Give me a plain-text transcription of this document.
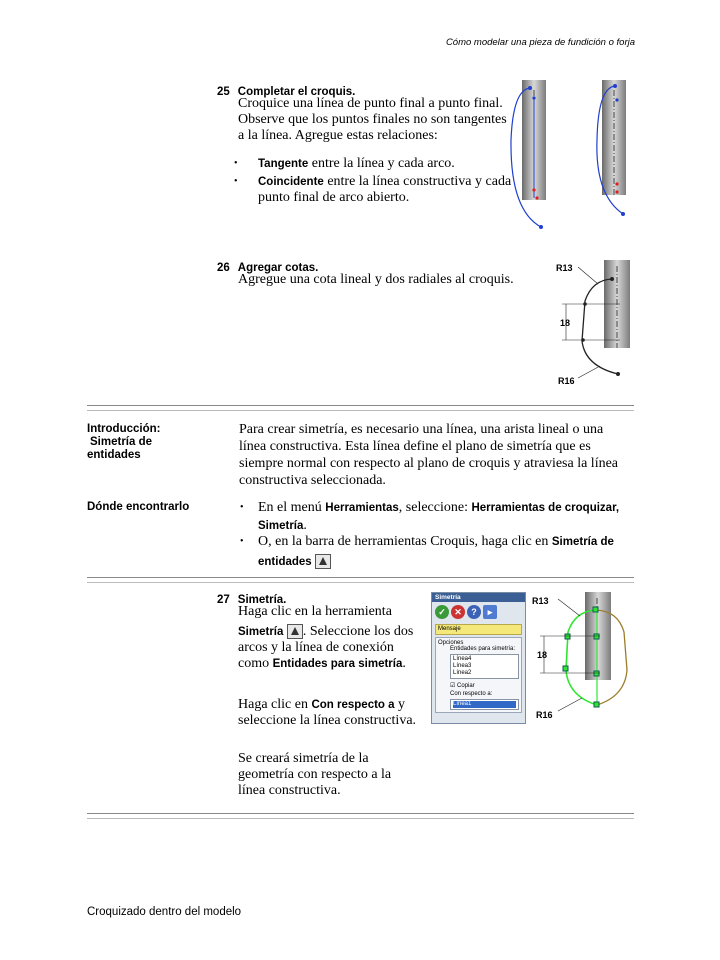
Cómo modelar una pieza de fundición o forja
25 Completar el croquis.
Croquice una línea de punto final a punto final. Observe que los puntos finales no son tangentes a la línea. Agregue estas relaciones:
• Tangente entre la línea y cada arco.
• Coincidente entre la línea constructiva y cada punto final de arco abierto.
26 Agregar cotas.
Agregue una cota lineal y dos radiales al croquis.
R13
18
R16
Introducción:
Simetría de
entidades
Para crear simetría, es necesario una línea, una arista lineal o una línea constructiva. Esta línea define el plano de simetría que es siempre normal con respecto al plano de croquis y atraviesa la línea constructiva seleccionada.
Dónde encontrarlo	• En el menú Herramientas, seleccione: Herramientas de croquizar, Simetría.
• O, en la barra de herramientas Croquis, haga clic en Simetría de entidades
27 Simetría.
Haga clic en la herramienta
Simetría . Seleccione los dos arcos y la línea de conexión como Entidades para simetría.
Haga clic en Con respecto a y seleccione la línea constructiva.
Se creará simetría de la geometría con respecto a la línea constructiva.
Simetría
✓ ✕	?	▸
Mensaje
Opciones
Entidades para simetría:
Línea4
Línea3
Línea2
☑ Copiar
Con respecto a:
Línea1
R13
18
R16
Croquizado dentro del modelo
